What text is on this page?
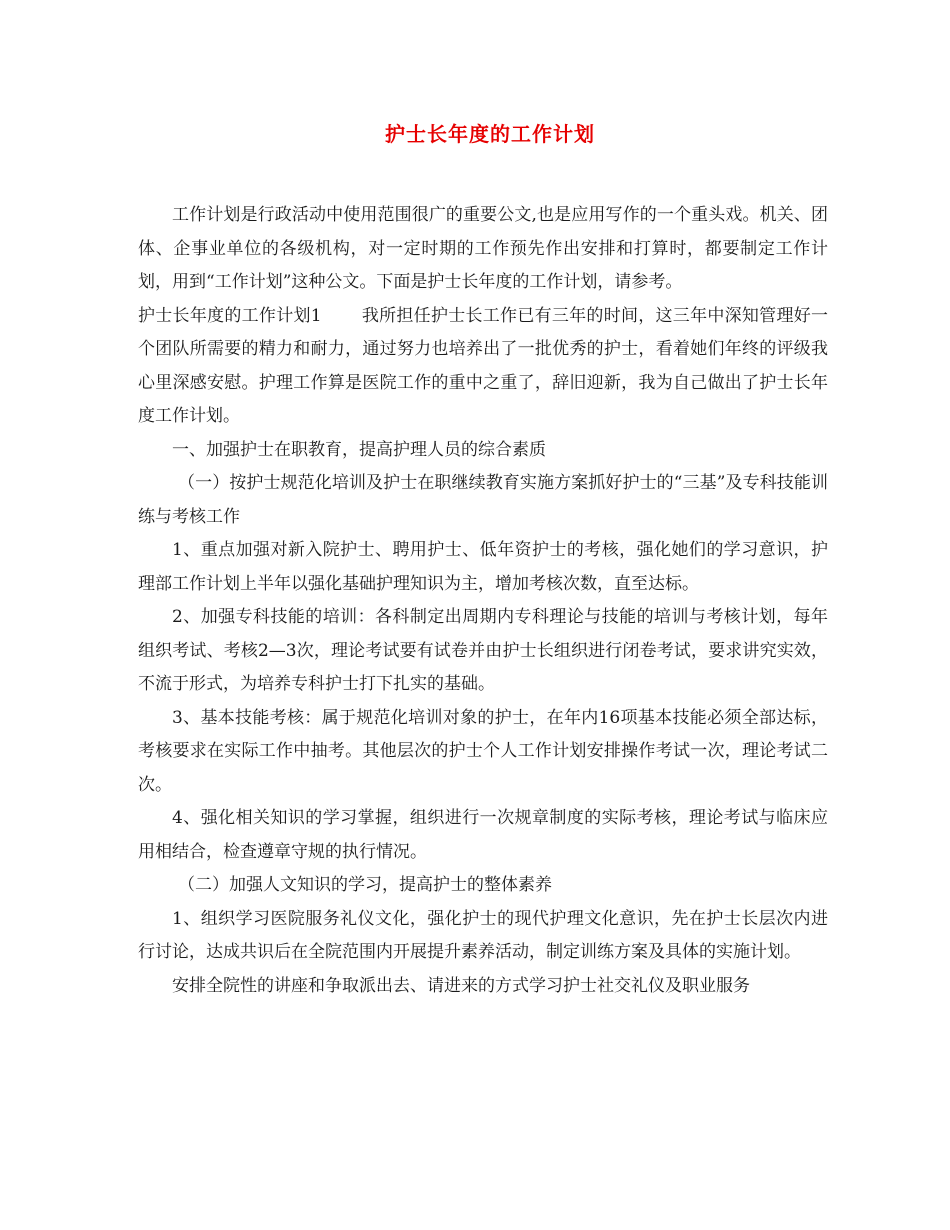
护士长年度的工作计划

工作计划是行政活动中使用范围很广的重要公文,也是应用写作的一个重头戏。机关、团体、企事业单位的各级机构，对一定时期的工作预先作出安排和打算时，都要制定工作计划，用到“工作计划”这种公文。下面是护士长年度的工作计划，请参考。

护士长年度的工作计划1 我所担任护士长工作已有三年的时间，这三年中深知管理好一个团队所需要的精力和耐力，通过努力也培养出了一批优秀的护士，看着她们年终的评级我心里深感安慰。护理工作算是医院工作的重中之重了，辞旧迎新，我为自己做出了护士长年度工作计划。

一、加强护士在职教育，提高护理人员的综合素质

（一）按护士规范化培训及护士在职继续教育实施方案抓好护士的“三基”及专科技能训练与考核工作

1、重点加强对新入院护士、聘用护士、低年资护士的考核，强化她们的学习意识，护理部工作计划上半年以强化基础护理知识为主，增加考核次数，直至达标。

2、加强专科技能的培训：各科制定出周期内专科理论与技能的培训与考核计划，每年组织考试、考核2—3次，理论考试要有试卷并由护士长组织进行闭卷考试，要求讲究实效，不流于形式，为培养专科护士打下扎实的基础。

3、基本技能考核：属于规范化培训对象的护士，在年内16项基本技能必须全部达标，考核要求在实际工作中抽考。其他层次的护士个人工作计划安排操作考试一次，理论考试二次。

4、强化相关知识的学习掌握，组织进行一次规章制度的实际考核，理论考试与临床应用相结合，检查遵章守规的执行情况。

（二）加强人文知识的学习，提高护士的整体素养

1、组织学习医院服务礼仪文化，强化护士的现代护理文化意识，先在护士长层次内进行讨论，达成共识后在全院范围内开展提升素养活动，制定训练方案及具体的实施计划。

安排全院性的讲座和争取派出去、请进来的方式学习护士社交礼仪及职业服务
